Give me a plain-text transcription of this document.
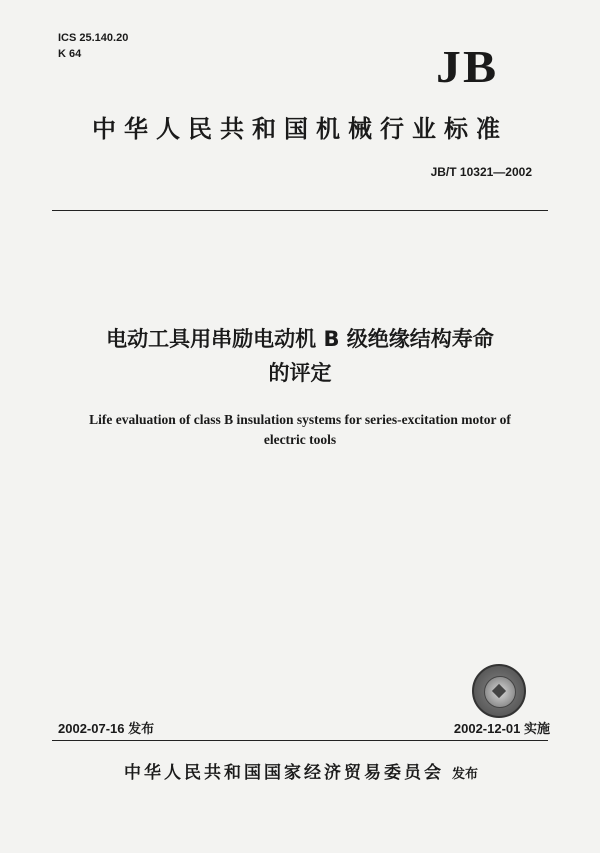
ICS 25.140.20
K 64	JB
中华人民共和国机械行业标准
JB/T 10321—2002
电动工具用串励电动机 B 级绝缘结构寿命
的评定
Life evaluation of class B insulation systems for series-excitation motor of
electric tools
2002-07-16 发布	2002-12-01 实施
中华人民共和国国家经济贸易委员会 发布
